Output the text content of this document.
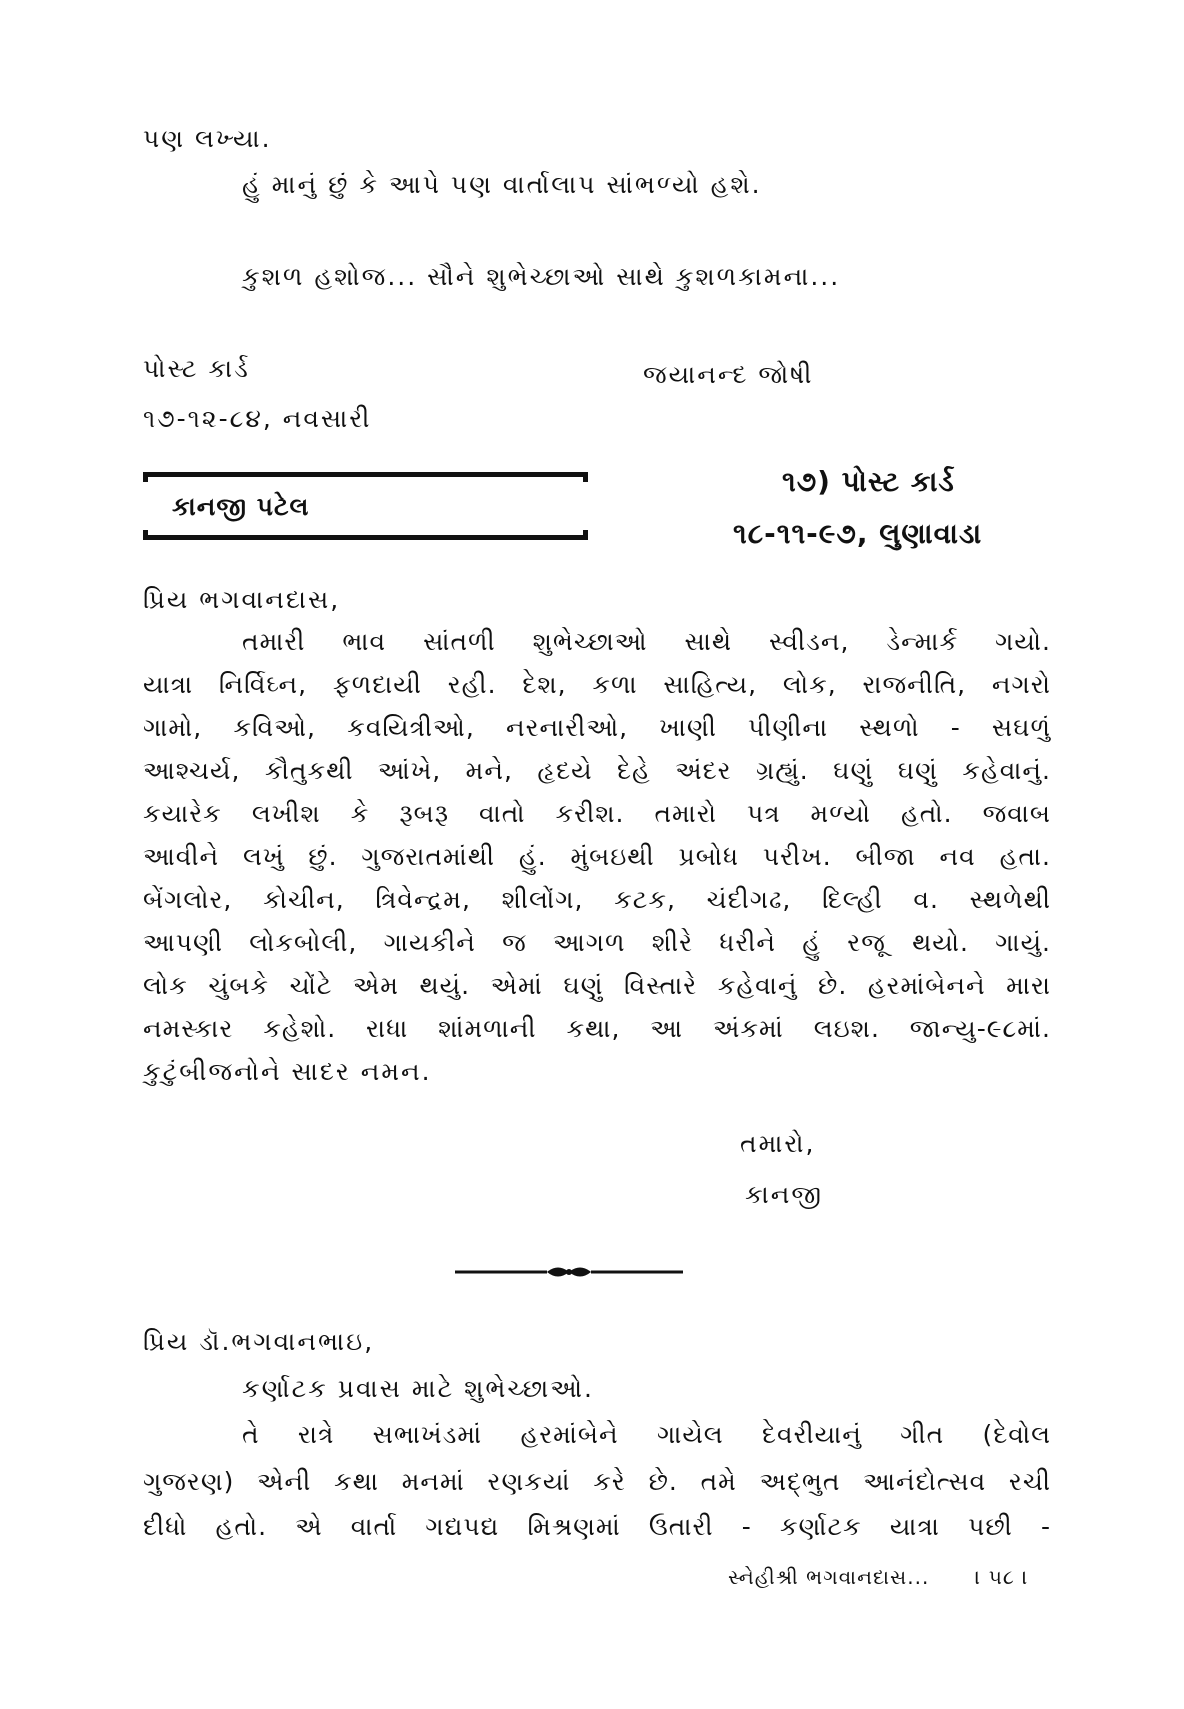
પણ લખ્યા.
હું માનું છું કે આપે પણ વાર્તાલાપ સાંભળ્યો હશે.
કુશળ હશોજ... સૌને શુભેચ્છાઓ સાથે કુશળકામના...
પોસ્ટ કાર્ડ	જયાનન્દ જોષી
૧૭-૧૨-૮૪, નવસારી
કાનજી પટેલ
૧૭) પોસ્ટ કાર્ડ
૧૮-૧૧-૯૭, લુણાવાડા
પ્રિય ભગવાનદાસ,
તમારી ભાવ સાંતળી શુભેચ્છાઓ સાથે સ્વીડન, ડેન્માર્ક ગયો.
યાત્રા નિર્વિઘ્ન, ફળદાયી રહી. દેશ, કળા સાહિત્ય, લોક, રાજનીતિ, નગરો
ગામો, કવિઓ, કવયિત્રીઓ, નરનારીઓ, ખાણી પીણીના સ્થળો - સઘળું
આશ્ચર્ય, કૌતુકથી આંખે, મને, હૃદયે દેહે અંદર ગ્રહ્યું. ઘણું ઘણું કહેવાનું.
કયારેક લખીશ કે રૂબરૂ વાતો કરીશ. તમારો પત્ર મળ્યો હતો. જવાબ
આવીને લખું છું. ગુજરાતમાંથી હું. મુંબઇથી પ્રબોધ પરીખ. બીજા નવ હતા.
બેંગલોર, કોચીન, ત્રિવેન્દ્રમ, શીલોંગ, કટક, ચંદીગઢ, દિલ્હી વ. સ્થળેથી
આપણી લોકબોલી, ગાયકીને જ આગળ શીરે ધરીને હું રજૂ થયો. ગાયું.
લોક ચુંબકે ચોંટે એમ થયું. એમાં ઘણું વિસ્તારે કહેવાનું છે. હરમાંબેનને મારા
નમસ્કાર કહેશો. રાધા શાંમળાની કથા, આ અંકમાં લઇશ. જાન્યુ-૯૮માં.
કુટુંબીજનોને સાદર નમન.
તમારો,
કાનજી
પ્રિય ડૉ.ભગવાનભાઇ,
કર્ણાટક પ્રવાસ માટે શુભેચ્છાઓ.
તે રાત્રે સભાખંડમાં હરમાંબેને ગાયેલ દેવરીયાનું ગીત (દેવોલ
ગુજરણ) એની કથા મનમાં રણકયાં કરે છે. તમે અદ્‌ભુત આનંદોત્સવ રચી
દીધો હતો. એ વાર્તા ગદ્યપદ્ય મિશ્રણમાં ઉતારી - કર્ણાટક યાત્રા પછી -
સ્નેહીશ્રી ભગવાનદાસ... । ૫૮ ।
